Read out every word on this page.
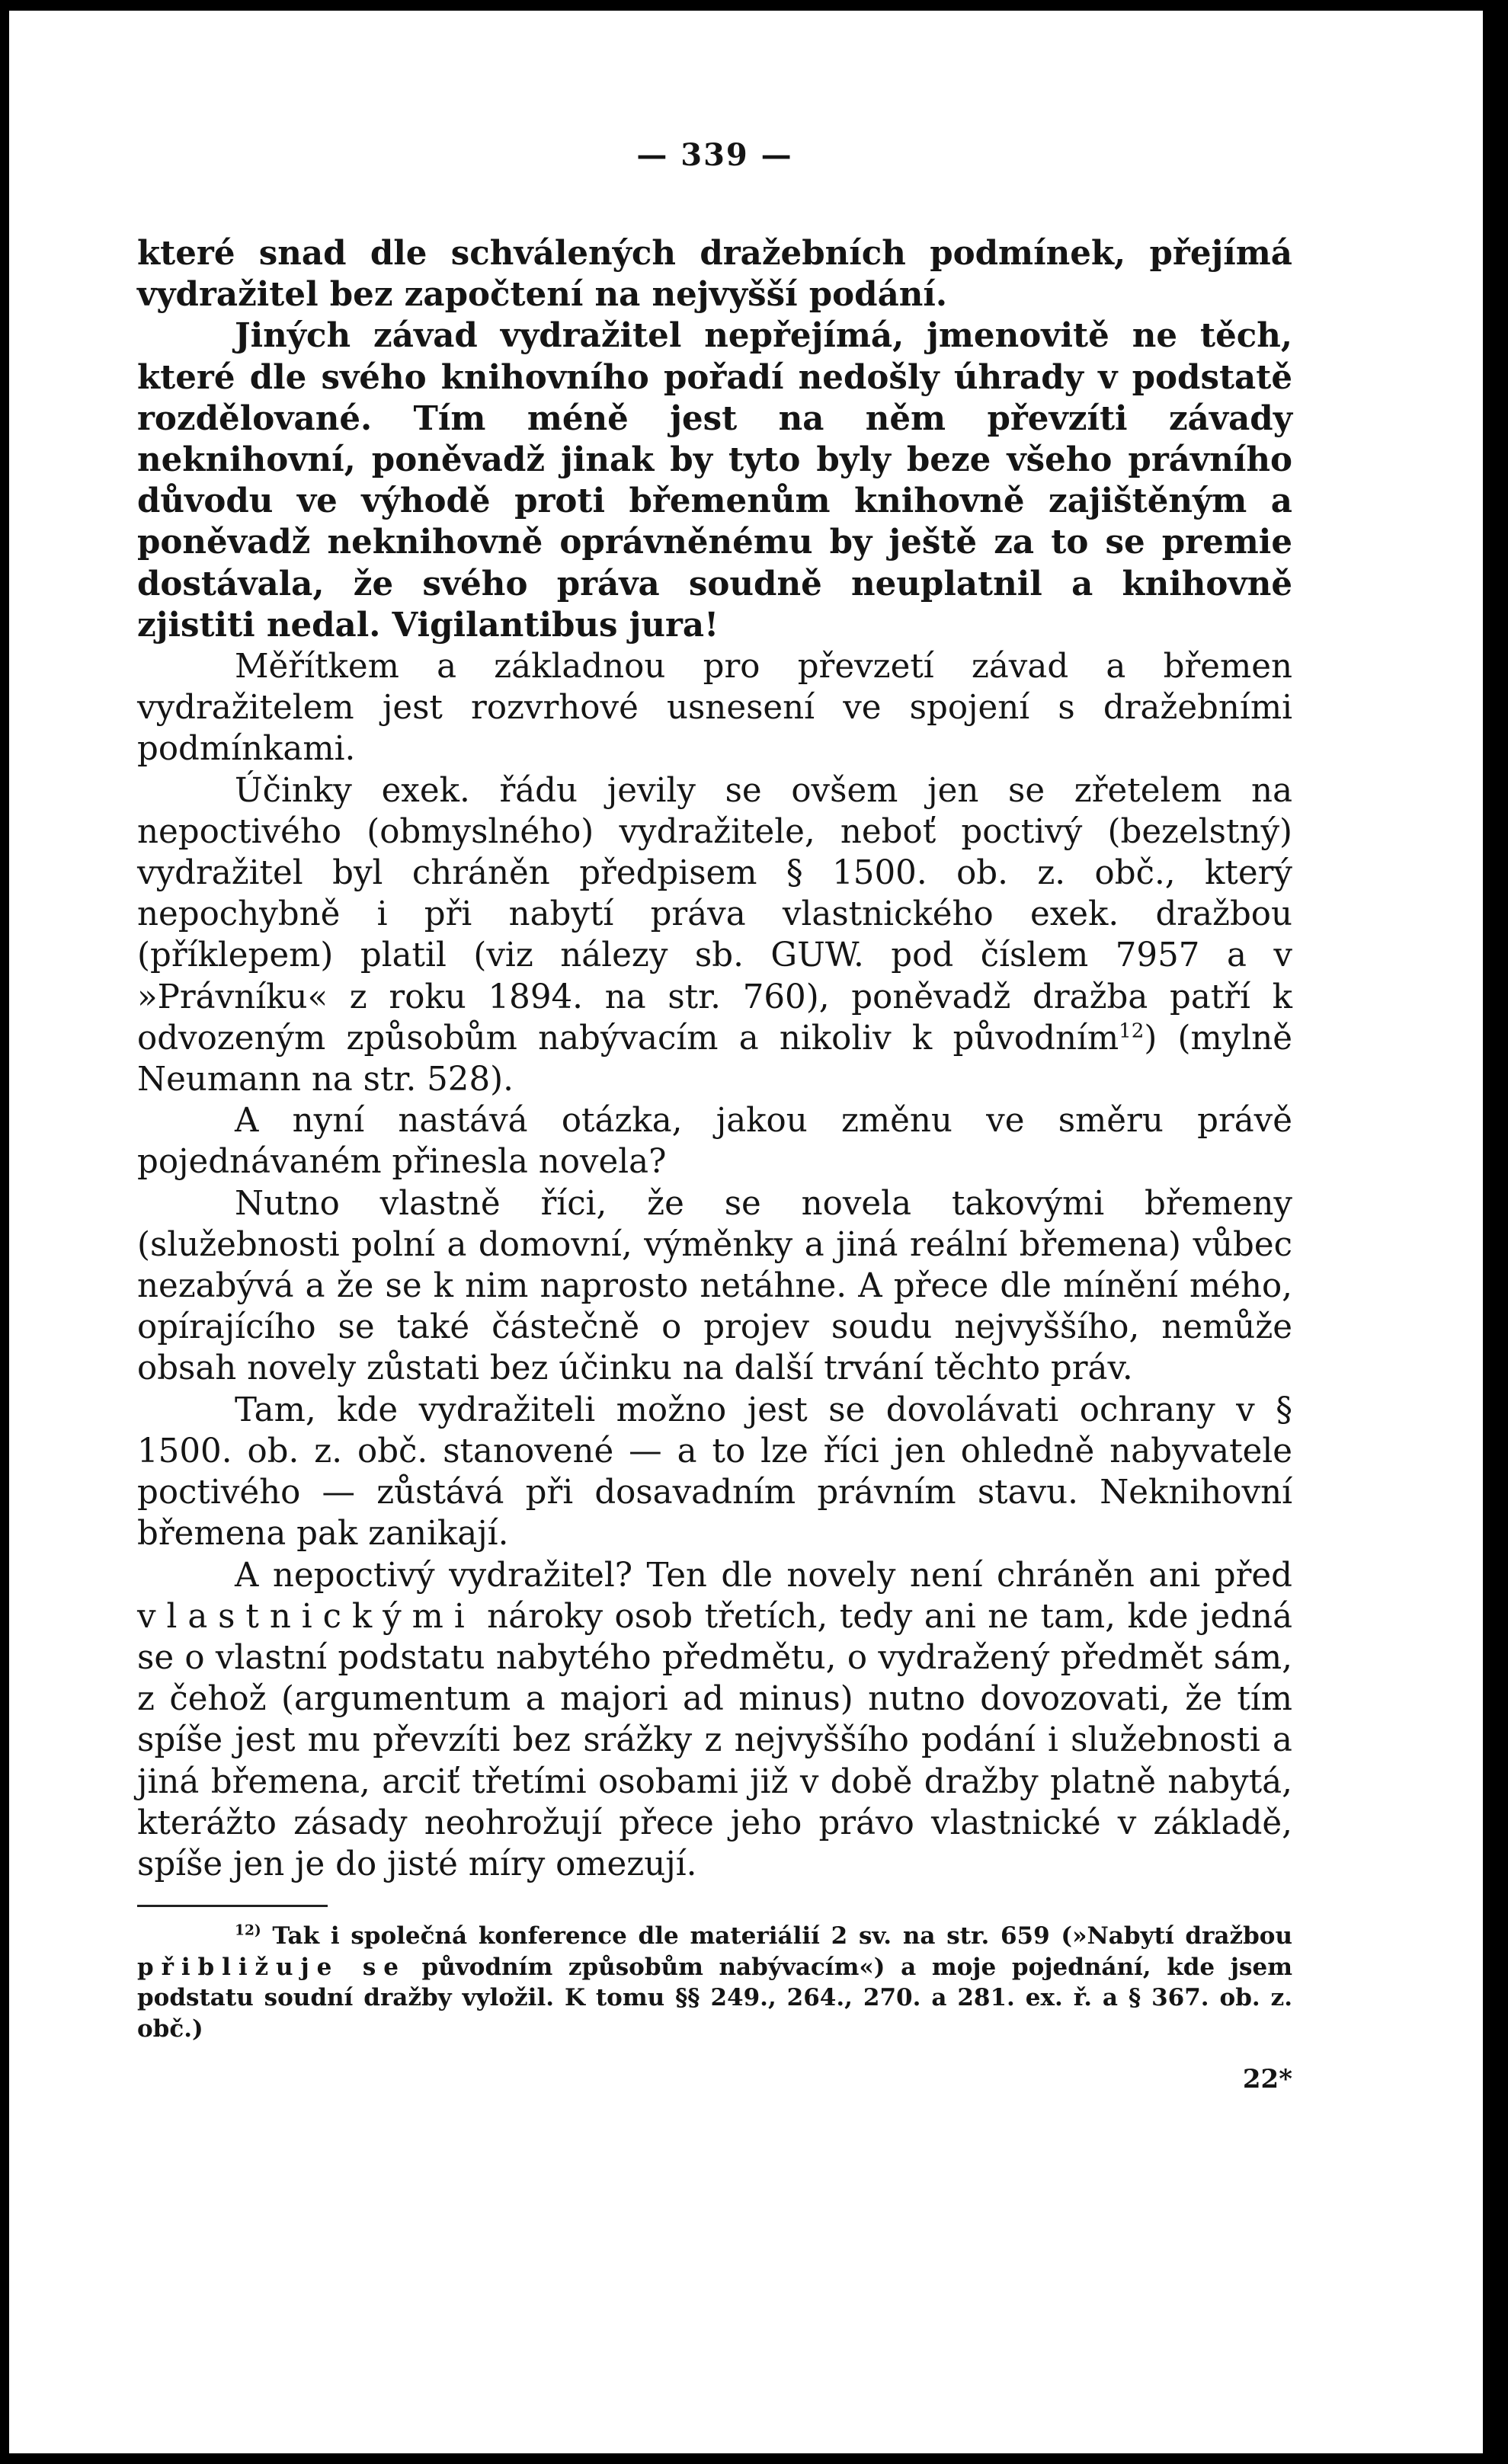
— 339 —

které snad dle schválených dražebních podmínek, přejímá vydražitel bez započtení na nejvyšší podání.

Jiných závad vydražitel nepřejímá, jmenovitě ne těch, které dle svého knihovního pořadí nedošly úhrady v podstatě rozdělované. Tím méně jest na něm převzíti závady neknihovní, poněvadž jinak by tyto byly beze všeho právního důvodu ve výhodě proti břemenům knihovně zajištěným a poněvadž neknihovně oprávněnému by ještě za to se premie dostávala, že svého práva soudně neuplatnil a knihovně zjistiti nedal. Vigilantibus jura!

Měřítkem a základnou pro převzetí závad a břemen vydražitelem jest rozvrhové usnesení ve spojení s dražebními podmínkami.

Účinky exek. řádu jevily se ovšem jen se zřetelem na nepoctivého (obmyslného) vydražitele, neboť poctivý (bezelstný) vydražitel byl chráněn předpisem § 1500. ob. z. obč., který nepochybně i při nabytí práva vlastnického exek. dražbou (příklepem) platil (viz nálezy sb. GUW. pod číslem 7957 a v »Právníku« z roku 1894. na str. 760), poněvadž dražba patří k odvozeným způsobům nabývacím a nikoliv k původním$^{12}$) (mylně Neumann na str. 528).

A nyní nastává otázka, jakou změnu ve směru právě pojednávaném přinesla novela?

Nutno vlastně říci, že se novela takovými břemeny (služebnosti polní a domovní, výměnky a jiná reální břemena) vůbec nezabývá a že se k nim naprosto netáhne. A přece dle mínění mého, opírajícího se také částečně o projev soudu nejvyššího, nemůže obsah novely zůstati bez účinku na další trvání těchto práv.

Tam, kde vydražiteli možno jest se dovolávati ochrany v § 1500. ob. z. obč. stanovené — a to lze říci jen ohledně nabyvatele poctivého — zůstává při dosavadním právním stavu. Neknihovní břemena pak zanikají.

A nepoctivý vydražitel? Ten dle novely není chráněn ani před vlastnickými nároky osob třetích, tedy ani ne tam, kde jedná se o vlastní podstatu nabytého předmětu, o vydražený předmět sám, z čehož (argumentum a majori ad minus) nutno dovozovati, že tím spíše jest mu převzíti bez srážky z nejvyššího podání i služebnosti a jiná břemena, arciť třetími osobami již v době dražby platně nabytá, kterážto zásady neohrožují přece jeho právo vlastnické v základě, spíše jen je do jisté míry omezují.

$^{12)}$ Tak i společná konference dle materiálií 2 sv. na str. 659 (»Nabytí dražbou přibližuje se původním způsobům nabývacím«) a moje pojednání, kde jsem podstatu soudní dražby vyložil. K tomu §§ 249., 264., 270. a 281. ex. ř. a § 367. ob. z. obč.)

22*
